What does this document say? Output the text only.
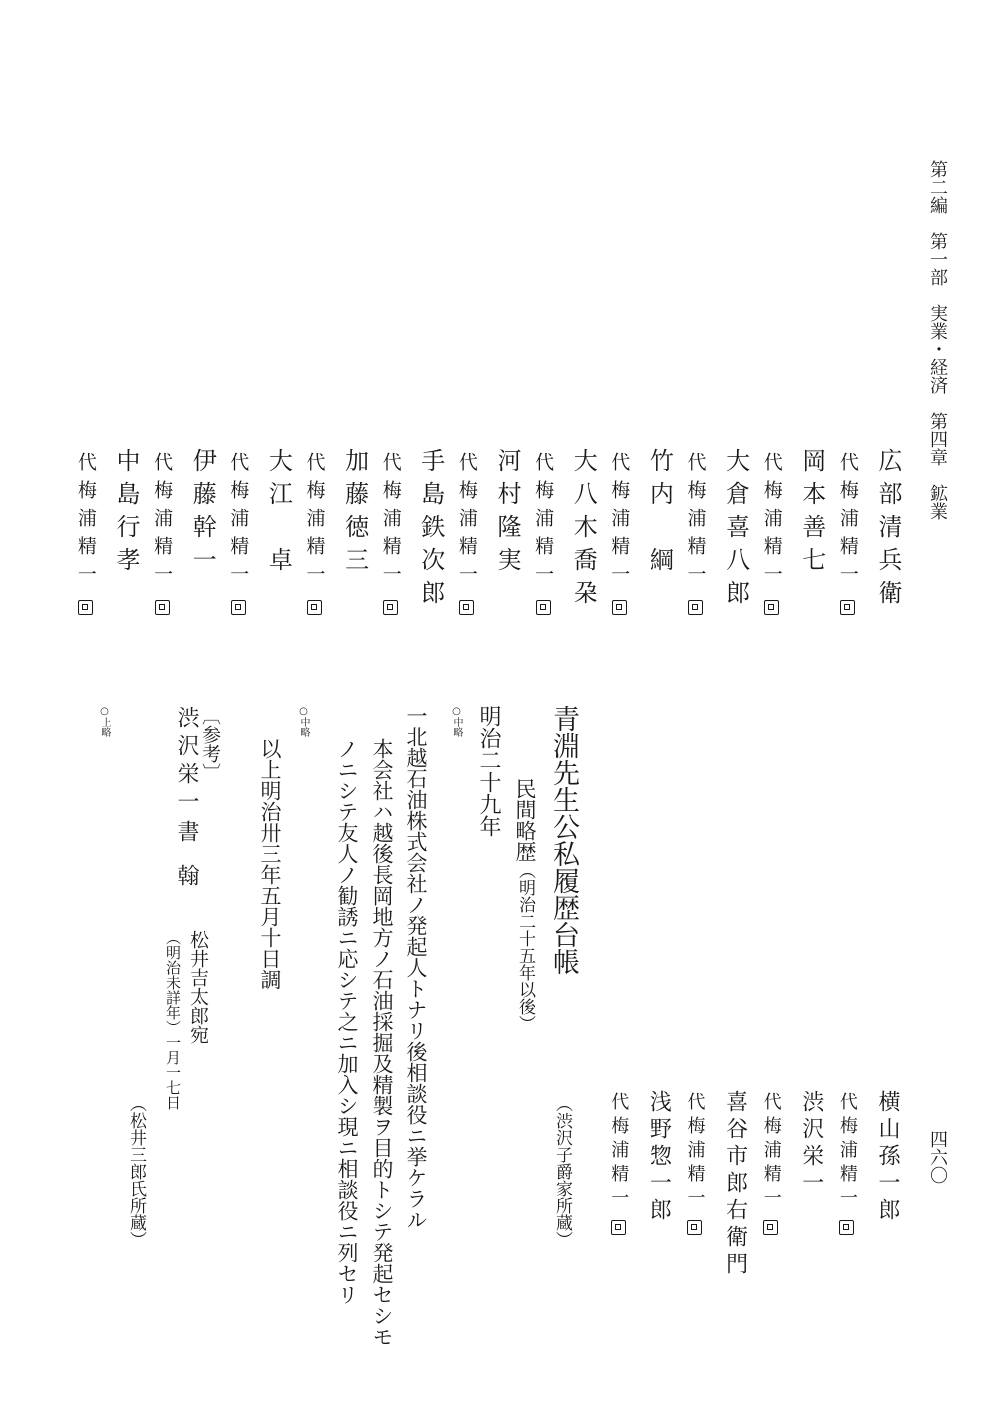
第二編　第一部　実業・経済　第四章　鉱業
四六〇
広部清兵衛
代梅浦精一
岡本善七
代梅浦精一
大倉喜八郎
代梅浦精一
竹内　綱
代梅浦精一
大八木喬朶
代梅浦精一
河村隆実
代梅浦精一
手島鉄次郎
代梅浦精一
加藤徳三
代梅浦精一
大江　卓
代梅浦精一
伊藤幹一
代梅浦精一
中島行孝
代梅浦精一
横山孫一郎
代梅浦精一
渋沢栄一
代梅浦精一
喜谷市郎右衛門
代梅浦精一
浅野惣一郎
代梅浦精一
青淵先生公私履歴台帳
（渋沢子爵家所蔵）
民間略歴（明治二十五年以後）
○中略 明治二十九年
一北越石油株式会社ノ発起人トナリ後相談役ニ挙ケラル
本会社ハ越後長岡地方ノ石油採掘及精製ヲ目的トシテ発起セシモ
ノニシテ友人ノ勧誘ニ応シテ之ニ加入シ現ニ相談役ニ列セリ
以上明治卅三年五月十日調
○中略
〔参考〕
渋沢栄一
書　翰
松井吉太郎宛
（明治未詳年）一月一七日
（松井三郎氏所蔵）
○上略
